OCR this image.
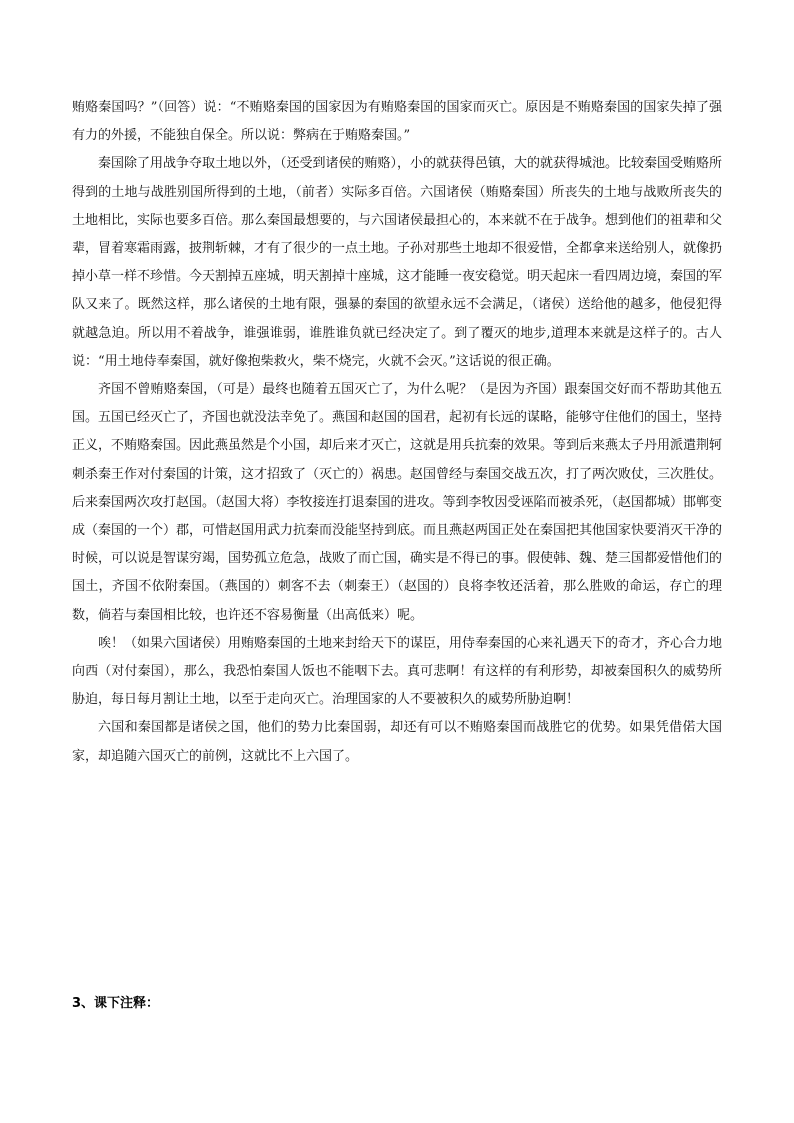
贿赂秦国吗？”（回答）说：“不贿赂秦国的国家因为有贿赂秦国的国家而灭亡。原因是不贿赂秦国的国家失掉了强有力的外援，不能独自保全。所以说：弊病在于贿赂秦国。”

秦国除了用战争夺取土地以外，（还受到诸侯的贿赂），小的就获得邑镇，大的就获得城池。比较秦国受贿赂所得到的土地与战胜别国所得到的土地，（前者）实际多百倍。六国诸侯（贿赂秦国）所丧失的土地与战败所丧失的土地相比，实际也要多百倍。那么秦国最想要的，与六国诸侯最担心的，本来就不在于战争。想到他们的祖辈和父辈，冒着寒霜雨露，披荆斩棘，才有了很少的一点土地。子孙对那些土地却不很爱惜，全都拿来送给别人，就像扔掉小草一样不珍惜。今天割掉五座城，明天割掉十座城，这才能睡一夜安稳觉。明天起床一看四周边境，秦国的军队又来了。既然这样，那么诸侯的土地有限，强暴的秦国的欲望永远不会满足，（诸侯）送给他的越多，他侵犯得就越急迫。所以用不着战争，谁强谁弱，谁胜谁负就已经决定了。到了覆灭的地步,道理本来就是这样子的。古人说：“用土地侍奉秦国，就好像抱柴救火，柴不烧完，火就不会灭。”这话说的很正确。

齐国不曾贿赂秦国，（可是）最终也随着五国灭亡了，为什么呢？（是因为齐国）跟秦国交好而不帮助其他五国。五国已经灭亡了，齐国也就没法幸免了。燕国和赵国的国君，起初有长远的谋略，能够守住他们的国土，坚持正义，不贿赂秦国。因此燕虽然是个小国，却后来才灭亡，这就是用兵抗秦的效果。等到后来燕太子丹用派遣荆轲刺杀秦王作对付秦国的计策，这才招致了（灭亡的）祸患。赵国曾经与秦国交战五次，打了两次败仗，三次胜仗。后来秦国两次攻打赵国。（赵国大将）李牧接连打退秦国的进攻。等到李牧因受诬陷而被杀死，（赵国都城）邯郸变成（秦国的一个）郡，可惜赵国用武力抗秦而没能坚持到底。而且燕赵两国正处在秦国把其他国家快要消灭干净的时候，可以说是智谋穷竭，国势孤立危急，战败了而亡国，确实是不得已的事。假使韩、魏、楚三国都爱惜他们的国土，齐国不依附秦国。（燕国的）刺客不去（刺秦王）（赵国的）良将李牧还活着，那么胜败的命运，存亡的理数，倘若与秦国相比较，也许还不容易衡量（出高低来）呢。

唉！（如果六国诸侯）用贿赂秦国的土地来封给天下的谋臣，用侍奉秦国的心来礼遇天下的奇才，齐心合力地向西（对付秦国），那么，我恐怕秦国人饭也不能咽下去。真可悲啊！有这样的有利形势，却被秦国积久的威势所胁迫，每日每月割让土地，以至于走向灭亡。治理国家的人不要被积久的威势所胁迫啊！

六国和秦国都是诸侯之国，他们的势力比秦国弱，却还有可以不贿赂秦国而战胜它的优势。如果凭借偌大国家，却追随六国灭亡的前例，这就比不上六国了。

3、课下注释：
